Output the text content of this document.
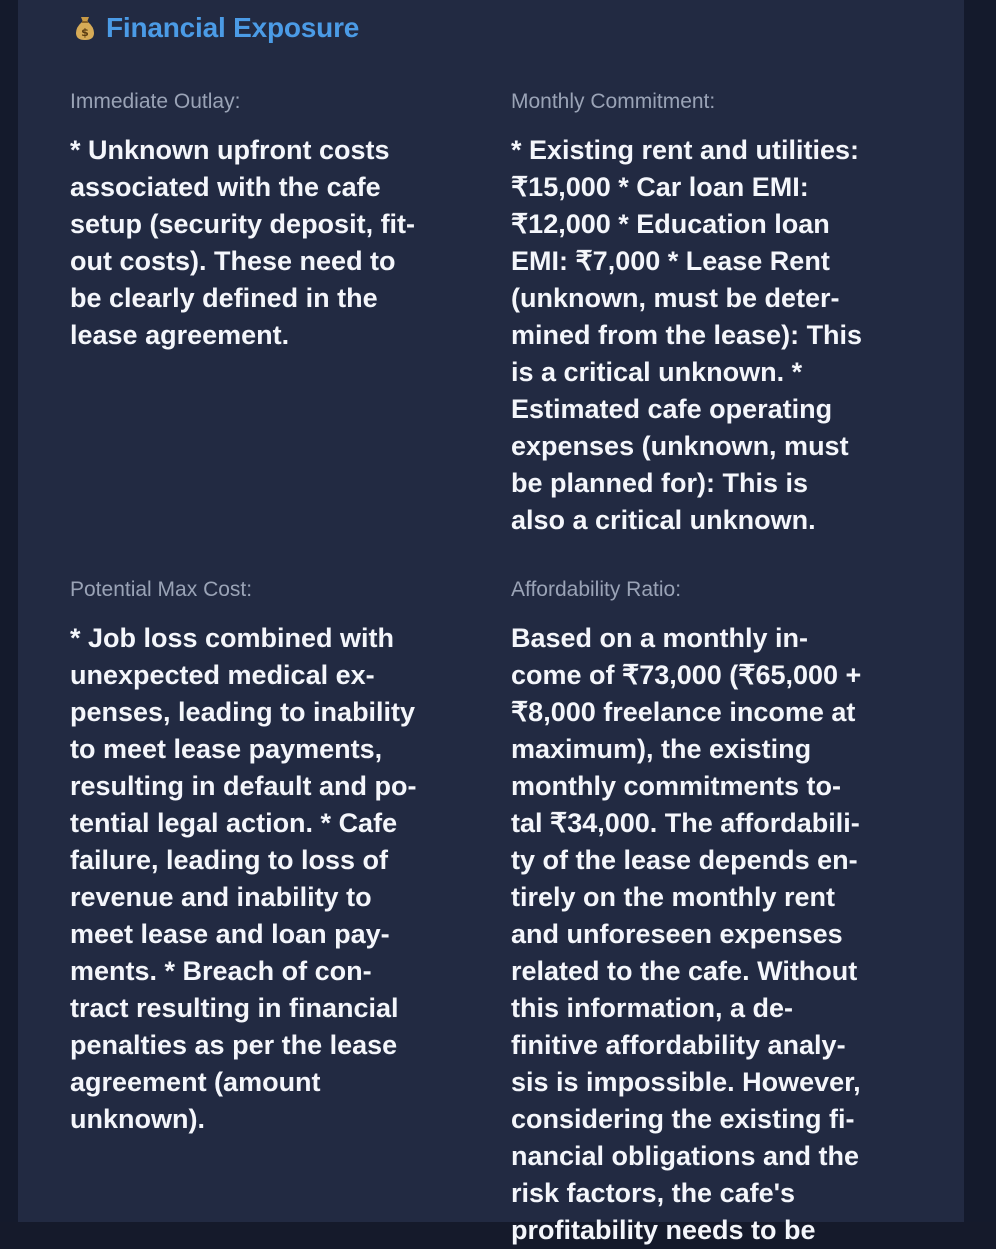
$ Financial Exposure
Immediate Outlay:
* Unknown upfront costs
associated with the cafe
setup (security deposit, fit-
out costs). These need to
be clearly defined in the
lease agreement.
Monthly Commitment:
* Existing rent and utilities:
₹15,000 * Car loan EMI:
₹12,000 * Education loan
EMI: ₹7,000 * Lease Rent
(unknown, must be deter-
mined from the lease): This
is a critical unknown. *
Estimated cafe operating
expenses (unknown, must
be planned for): This is
also a critical unknown.
Potential Max Cost:
* Job loss combined with
unexpected medical ex-
penses, leading to inability
to meet lease payments,
resulting in default and po-
tential legal action. * Cafe
failure, leading to loss of
revenue and inability to
meet lease and loan pay-
ments. * Breach of con-
tract resulting in financial
penalties as per the lease
agreement (amount
unknown).
Affordability Ratio:
Based on a monthly in-
come of ₹73,000 (₹65,000 +
₹8,000 freelance income at
maximum), the existing
monthly commitments to-
tal ₹34,000. The affordabili-
ty of the lease depends en-
tirely on the monthly rent
and unforeseen expenses
related to the cafe. Without
this information, a de-
finitive affordability analy-
sis is impossible. However,
considering the existing fi-
nancial obligations and the
risk factors, the cafe's
profitability needs to be
